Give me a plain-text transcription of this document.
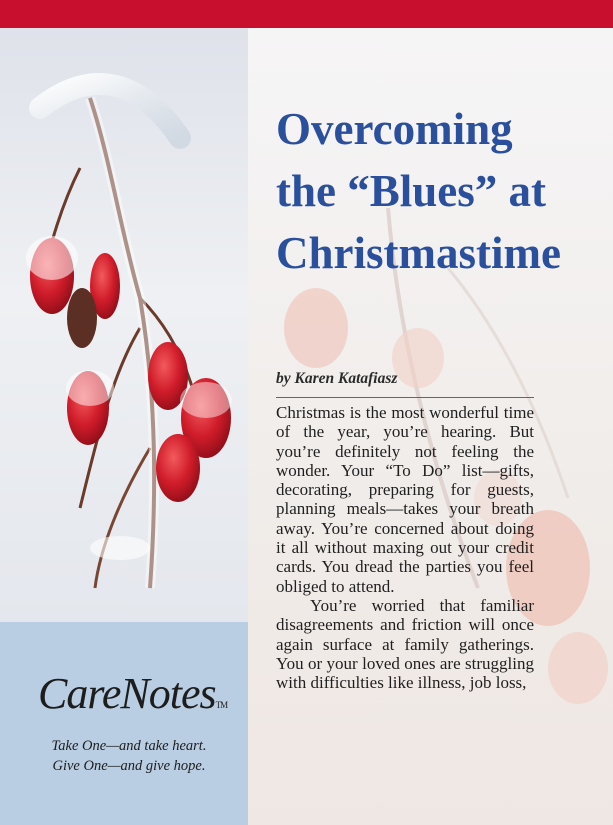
CareNotes™
Take One—and take heart.
Give One—and give hope.
Overcoming
the “Blues” at
Christmastime
by Karen Katafiasz

Christmas is the most wonderful time of the year, you’re hearing. But you’re definitely not feeling the wonder. Your “To Do” list—gifts, decorating, preparing for guests, planning meals—takes your breath away. You’re concerned about doing it all without maxing out your credit cards. You dread the parties you feel obliged to attend.

You’re worried that familiar disagreements and friction will once again surface at family gatherings. You or your loved ones are struggling with difficulties like illness, job loss,
